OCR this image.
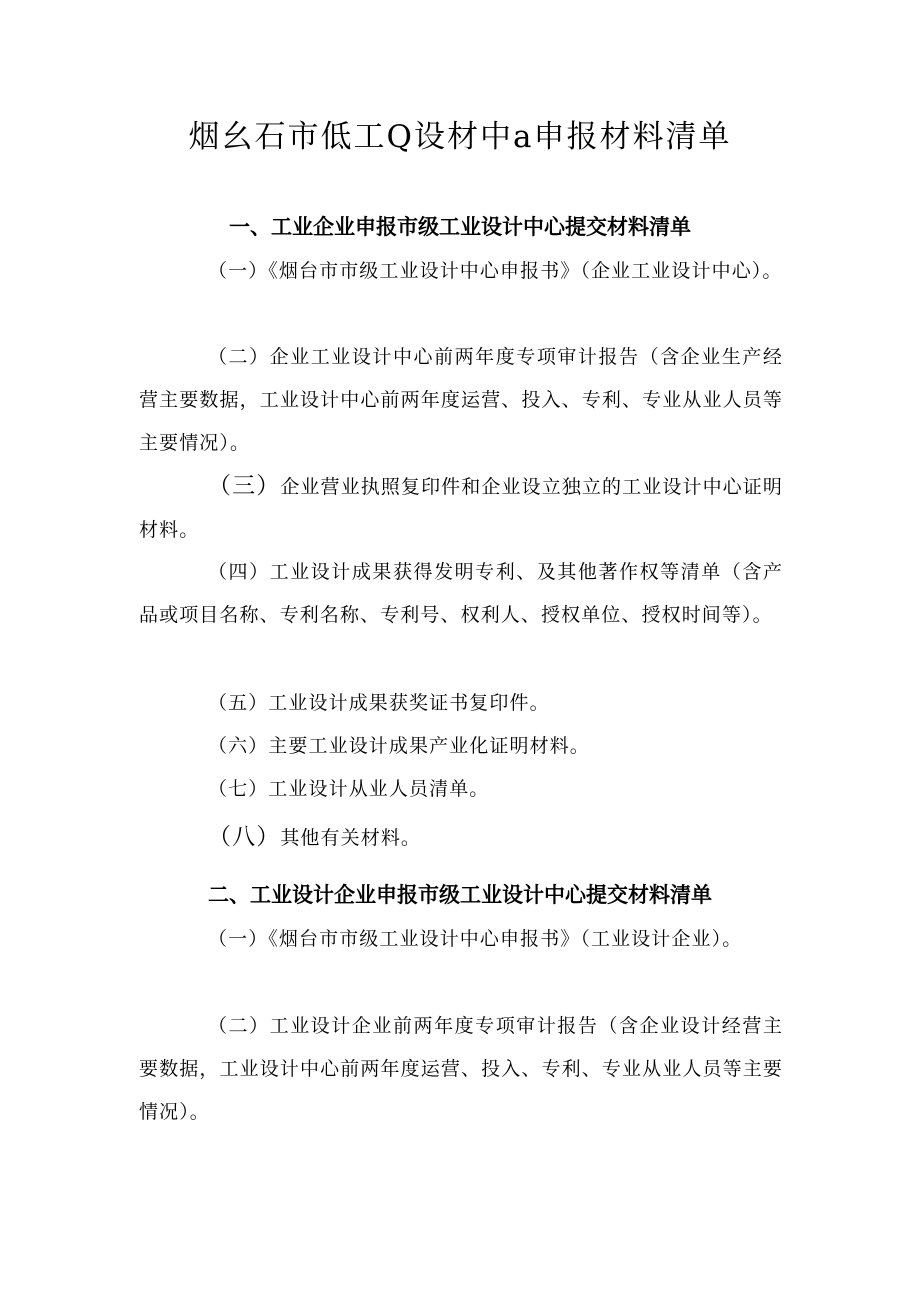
烟幺石市低工Q设材中a申报材料清单
一、工业企业申报市级工业设计中心提交材料清单
（一）《烟台市市级工业设计中心申报书》（企业工业设计中心）。
（二）企业工业设计中心前两年度专项审计报告（含企业生产经营主要数据，工业设计中心前两年度运营、投入、专利、专业从业人员等主要情况）。
（三）企业营业执照复印件和企业设立独立的工业设计中心证明材料。
（四）工业设计成果获得发明专利、及其他著作权等清单（含产品或项目名称、专利名称、专利号、权利人、授权单位、授权时间等）。
（五）工业设计成果获奖证书复印件。
（六）主要工业设计成果产业化证明材料。
（七）工业设计从业人员清单。
（八）其他有关材料。
二、工业设计企业申报市级工业设计中心提交材料清单
（一）《烟台市市级工业设计中心申报书》（工业设计企业）。
（二）工业设计企业前两年度专项审计报告（含企业设计经营主要数据，工业设计中心前两年度运营、投入、专利、专业从业人员等主要情况）。
